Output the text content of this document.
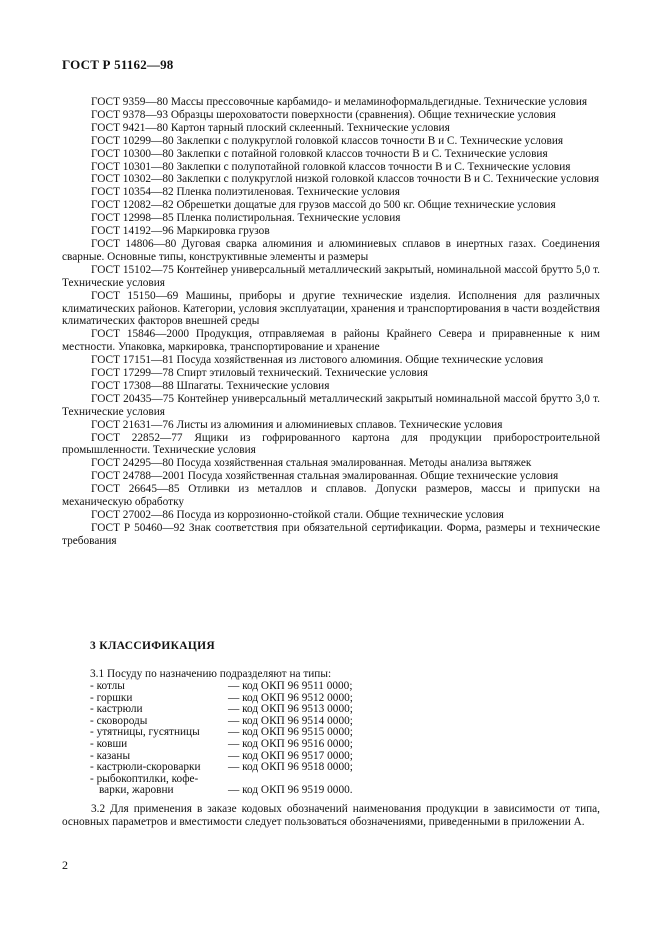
ГОСТ Р 51162—98

ГОСТ 9359—80 Массы прессовочные карбамидо- и меламиноформальдегидные. Технические условия

ГОСТ 9378—93 Образцы шероховатости поверхности (сравнения). Общие технические условия

ГОСТ 9421—80 Картон тарный плоский склеенный. Технические условия

ГОСТ 10299—80 Заклепки с полукруглой головкой классов точности В и С. Технические условия

ГОСТ 10300—80 Заклепки с потайной головкой классов точности В и С. Технические условия

ГОСТ 10301—80 Заклепки с полупотайной головкой классов точности В и С. Технические условия

ГОСТ 10302—80 Заклепки с полукруглой низкой головкой классов точности В и С. Технические условия

ГОСТ 10354—82 Пленка полиэтиленовая. Технические условия

ГОСТ 12082—82 Обрешетки дощатые для грузов массой до 500 кг. Общие технические условия

ГОСТ 12998—85 Пленка полистирольная. Технические условия

ГОСТ 14192—96 Маркировка грузов

ГОСТ 14806—80 Дуговая сварка алюминия и алюминиевых сплавов в инертных газах. Соединения сварные. Основные типы, конструктивные элементы и размеры

ГОСТ 15102—75 Контейнер универсальный металлический закрытый, номинальной массой брутто 5,0 т. Технические условия

ГОСТ 15150—69 Машины, приборы и другие технические изделия. Исполнения для различных климатических районов. Категории, условия эксплуатации, хранения и транспортирования в части воздействия климатических факторов внешней среды

ГОСТ 15846—2000 Продукция, отправляемая в районы Крайнего Севера и приравненные к ним местности. Упаковка, маркировка, транспортирование и хранение

ГОСТ 17151—81 Посуда хозяйственная из листового алюминия. Общие технические условия

ГОСТ 17299—78 Спирт этиловый технический. Технические условия

ГОСТ 17308—88 Шпагаты. Технические условия

ГОСТ 20435—75 Контейнер универсальный металлический закрытый номинальной массой брутто 3,0 т. Технические условия

ГОСТ 21631—76 Листы из алюминия и алюминиевых сплавов. Технические условия

ГОСТ 22852—77 Ящики из гофрированного картона для продукции приборостроительной промышленности. Технические условия

ГОСТ 24295—80 Посуда хозяйственная стальная эмалированная. Методы анализа вытяжек

ГОСТ 24788—2001 Посуда хозяйственная стальная эмалированная. Общие технические условия

ГОСТ 26645—85 Отливки из металлов и сплавов. Допуски размеров, массы и припуски на механическую обработку

ГОСТ 27002—86 Посуда из коррозионно-стойкой стали. Общие технические условия

ГОСТ Р 50460—92 Знак соответствия при обязательной сертификации. Форма, размеры и технические требования

3 КЛАССИФИКАЦИЯ
3.1 Посуду по назначению подразделяют на типы:
- котлы	— код ОКП 96 9511 0000;
- горшки	— код ОКП 96 9512 0000;
- кастрюли	— код ОКП 96 9513 0000;
- сковороды	— код ОКП 96 9514 0000;
- утятницы, гусятницы	— код ОКП 96 9515 0000;
- ковши	— код ОКП 96 9516 0000;
- казаны	— код ОКП 96 9517 0000;
- кастрюли-скороварки	— код ОКП 96 9518 0000;

- рыбокоптилки, кофе-
варки, жаровни	— код ОКП 96 9519 0000.

3.2 Для применения в заказе кодовых обозначений наименования продукции в зависимости от типа, основных параметров и вместимости следует пользоваться обозначениями, приведенными в приложении А.

2
